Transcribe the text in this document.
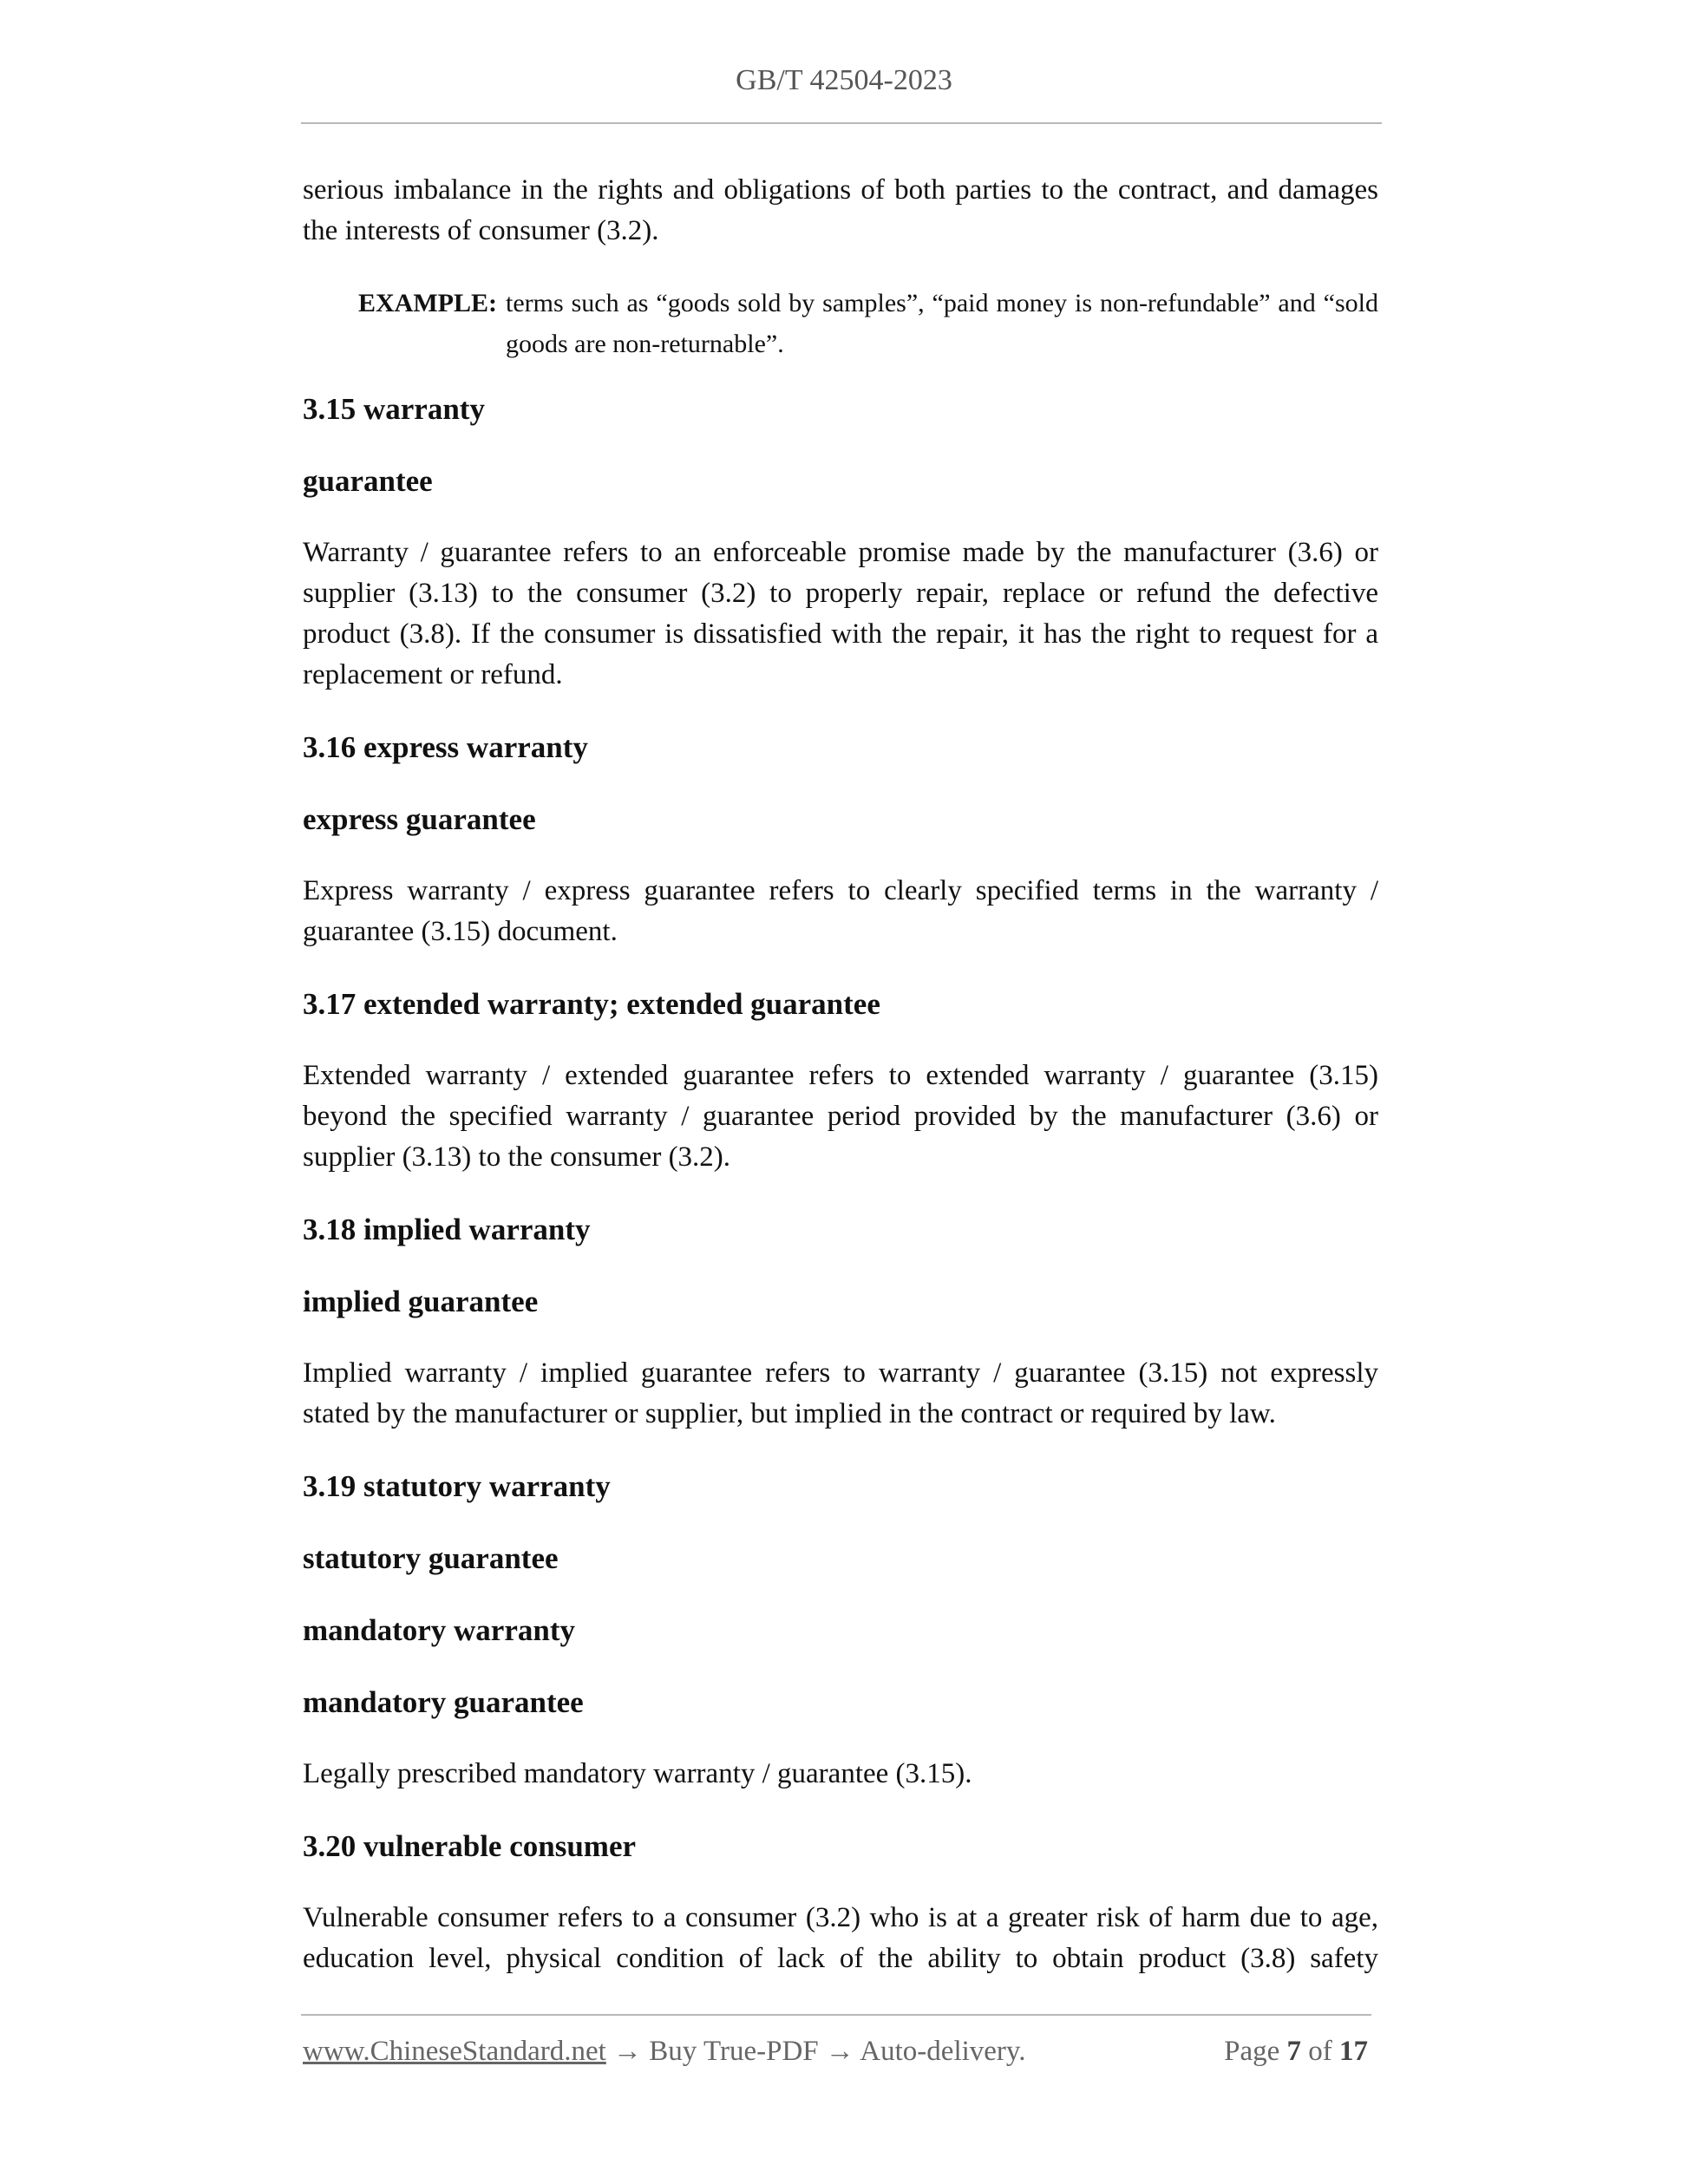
GB/T 42504-2023

serious imbalance in the rights and obligations of both parties to the contract, and damages the interests of consumer (3.2).

EXAMPLE: terms such as “goods sold by samples”, “paid money is non-refundable” and “sold goods are non-returnable”.
3.15 warranty
guarantee

Warranty / guarantee refers to an enforceable promise made by the manufacturer (3.6) or supplier (3.13) to the consumer (3.2) to properly repair, replace or refund the defective product (3.8). If the consumer is dissatisfied with the repair, it has the right to request for a replacement or refund.

3.16 express warranty
express guarantee

Express warranty / express guarantee refers to clearly specified terms in the warranty / guarantee (3.15) document.

3.17 extended warranty; extended guarantee

Extended warranty / extended guarantee refers to extended warranty / guarantee (3.15) beyond the specified warranty / guarantee period provided by the manufacturer (3.6) or supplier (3.13) to the consumer (3.2).

3.18 implied warranty
implied guarantee

Implied warranty / implied guarantee refers to warranty / guarantee (3.15) not expressly stated by the manufacturer or supplier, but implied in the contract or required by law.

3.19 statutory warranty
statutory guarantee
mandatory warranty
mandatory guarantee

Legally prescribed mandatory warranty / guarantee (3.15).

3.20 vulnerable consumer

Vulnerable consumer refers to a consumer (3.2) who is at a greater risk of harm due to age, education level, physical condition of lack of the ability to obtain product (3.8) safety

www.ChineseStandard.net → Buy True-PDF → Auto-delivery.	Page 7 of 17
